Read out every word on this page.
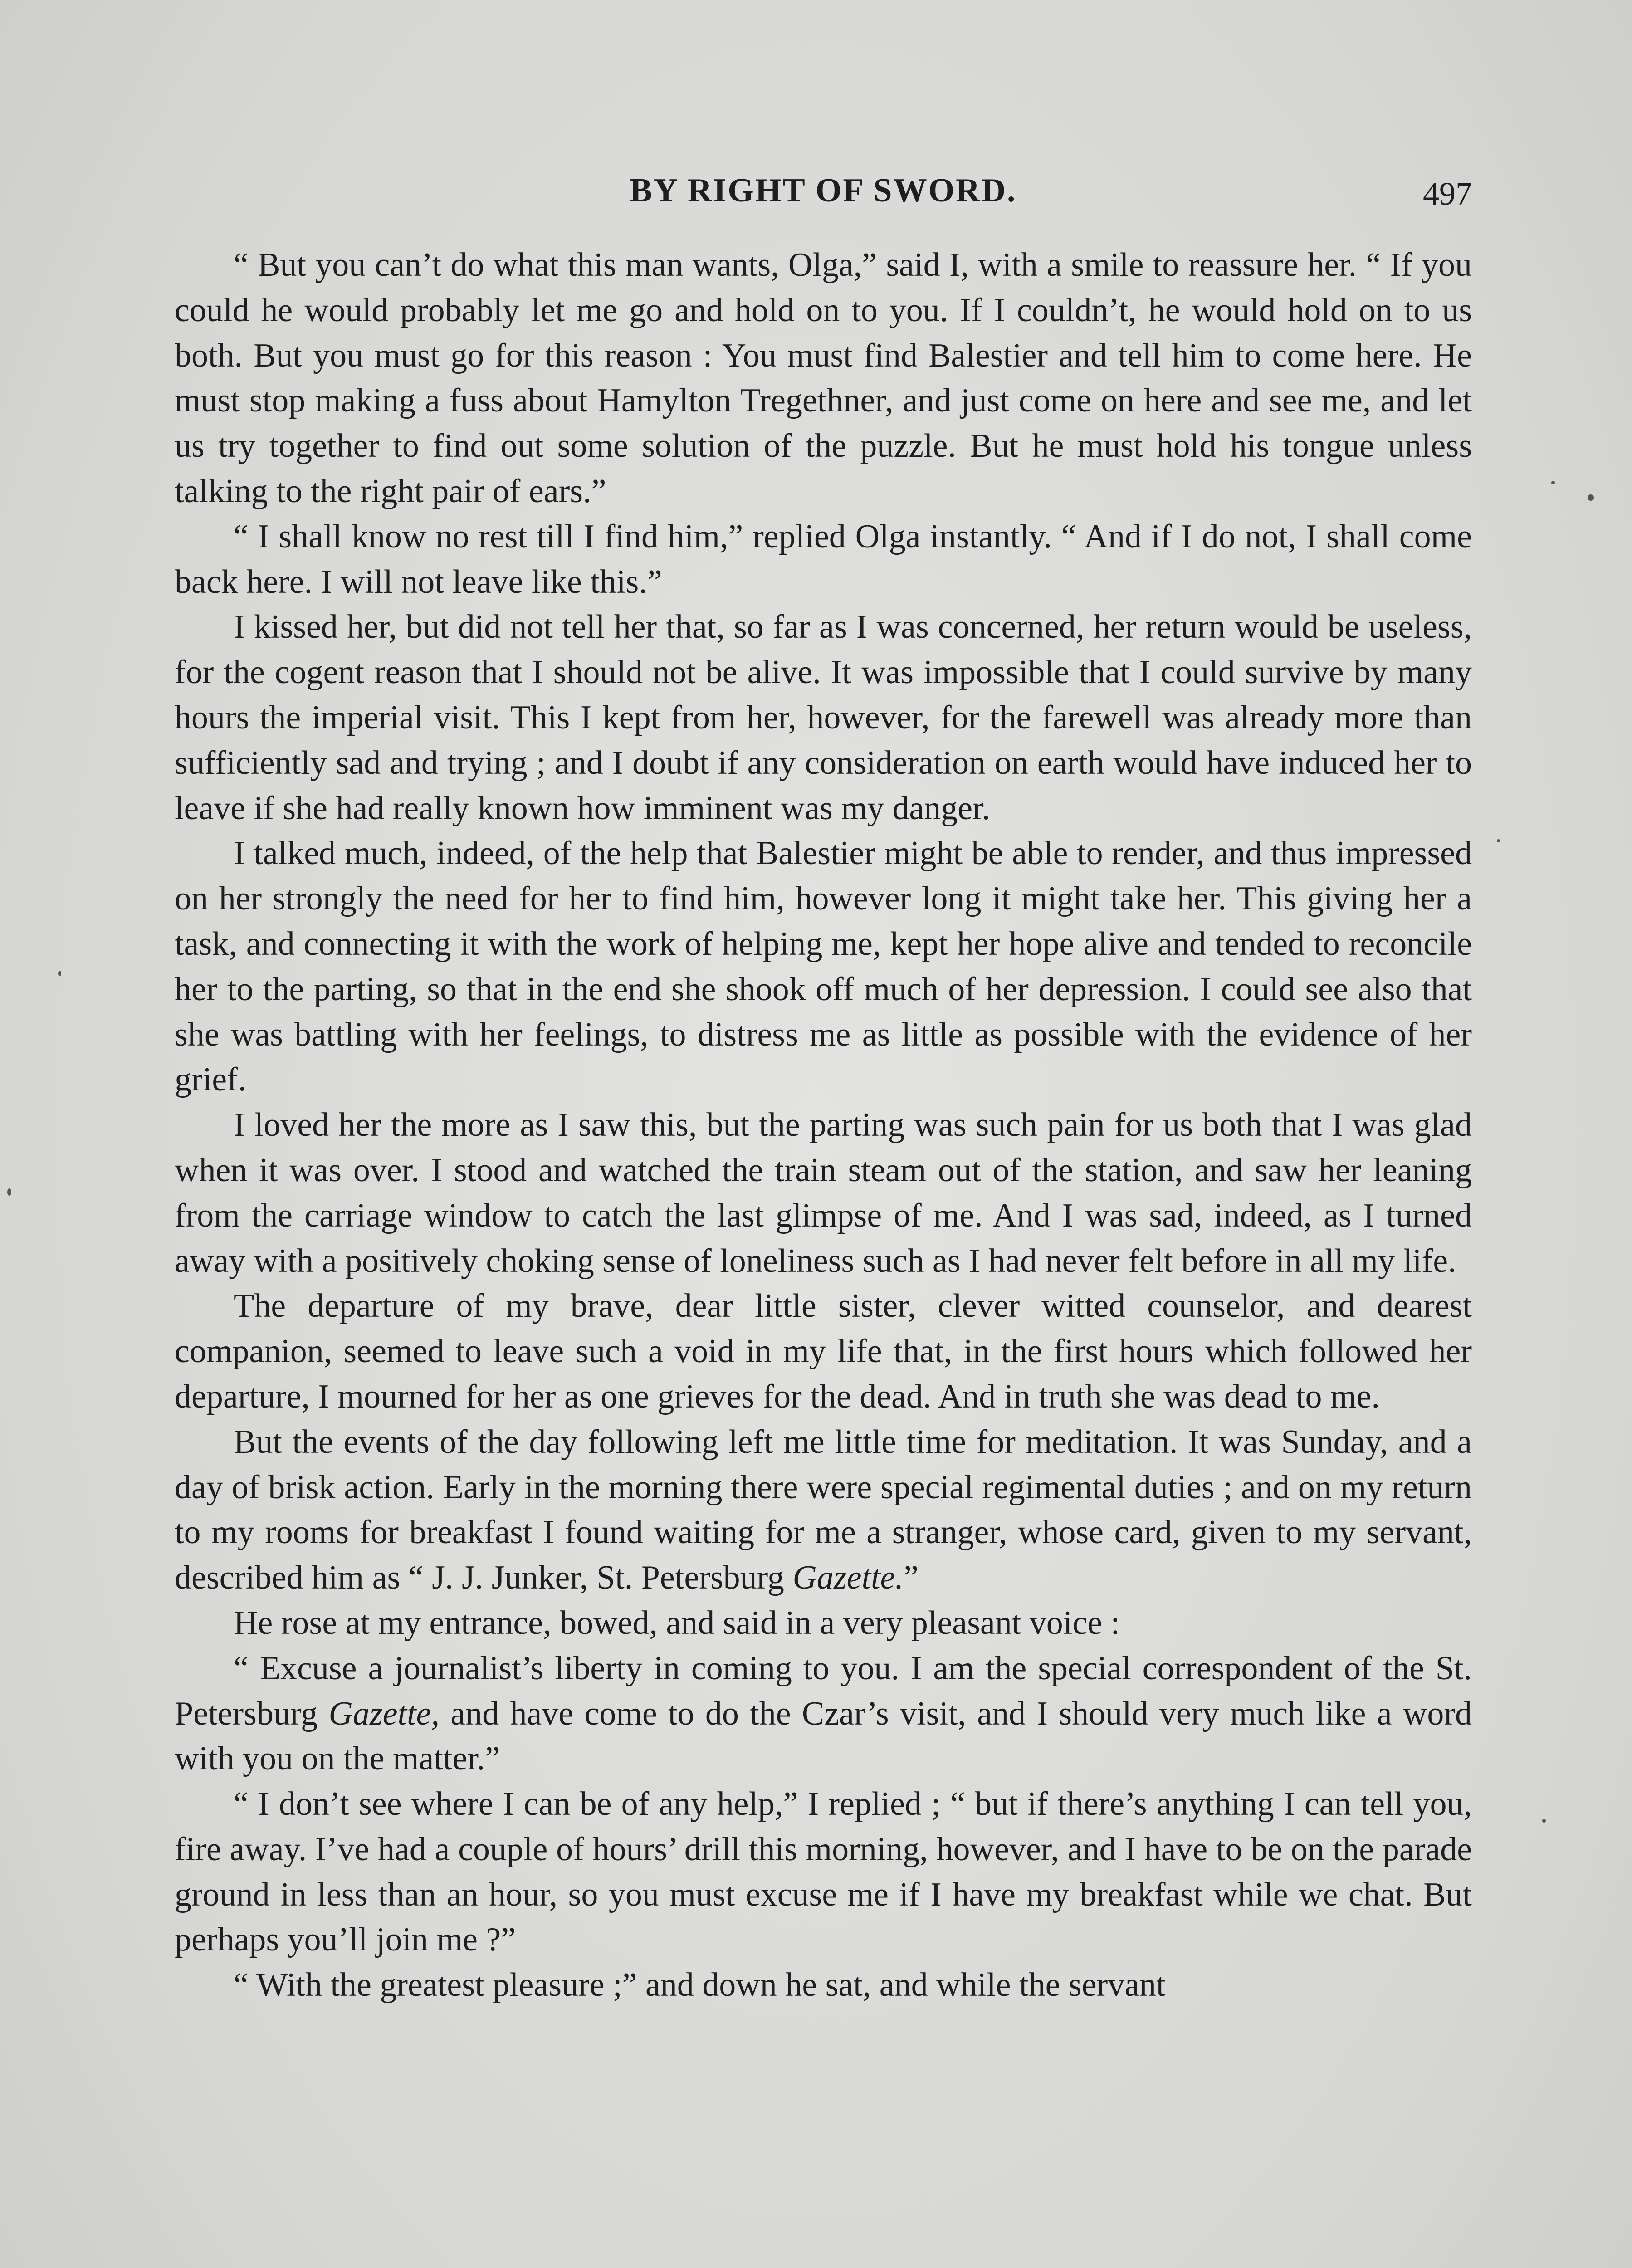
BY RIGHT OF SWORD.	497

“ But you can’t do what this man wants, Olga,” said I, with a smile to reassure her. “ If you could he would probably let me go and hold on to you. If I couldn’t, he would hold on to us both. But you must go for this reason : You must find Balestier and tell him to come here. He must stop making a fuss about Hamylton Tregethner, and just come on here and see me, and let us try together to find out some solution of the puzzle. But he must hold his tongue unless talking to the right pair of ears.”

“ I shall know no rest till I find him,” replied Olga instantly. “ And if I do not, I shall come back here. I will not leave like this.”

I kissed her, but did not tell her that, so far as I was concerned, her return would be useless, for the cogent reason that I should not be alive. It was impossible that I could survive by many hours the imperial visit. This I kept from her, however, for the farewell was already more than sufficiently sad and trying ; and I doubt if any consideration on earth would have induced her to leave if she had really known how imminent was my danger.

I talked much, indeed, of the help that Balestier might be able to render, and thus impressed on her strongly the need for her to find him, however long it might take her. This giving her a task, and connecting it with the work of helping me, kept her hope alive and tended to reconcile her to the parting, so that in the end she shook off much of her depression. I could see also that she was battling with her feelings, to distress me as little as possible with the evidence of her grief.

I loved her the more as I saw this, but the parting was such pain for us both that I was glad when it was over. I stood and watched the train steam out of the station, and saw her leaning from the carriage window to catch the last glimpse of me. And I was sad, indeed, as I turned away with a positively choking sense of loneliness such as I had never felt before in all my life.

The departure of my brave, dear little sister, clever witted counselor, and dearest companion, seemed to leave such a void in my life that, in the first hours which followed her departure, I mourned for her as one grieves for the dead. And in truth she was dead to me.

But the events of the day following left me little time for meditation. It was Sunday, and a day of brisk action. Early in the morning there were special regimental duties ; and on my return to my rooms for breakfast I found waiting for me a stranger, whose card, given to my servant, described him as “ J. J. Junker, St. Petersburg Gazette.”

He rose at my entrance, bowed, and said in a very pleasant voice :

“ Excuse a journalist’s liberty in coming to you. I am the special correspondent of the St. Petersburg Gazette, and have come to do the Czar’s visit, and I should very much like a word with you on the matter.”

“ I don’t see where I can be of any help,” I replied ; “ but if there’s anything I can tell you, fire away. I’ve had a couple of hours’ drill this morning, however, and I have to be on the parade ground in less than an hour, so you must excuse me if I have my breakfast while we chat. But perhaps you’ll join me ?”

“ With the greatest pleasure ;” and down he sat, and while the servant
